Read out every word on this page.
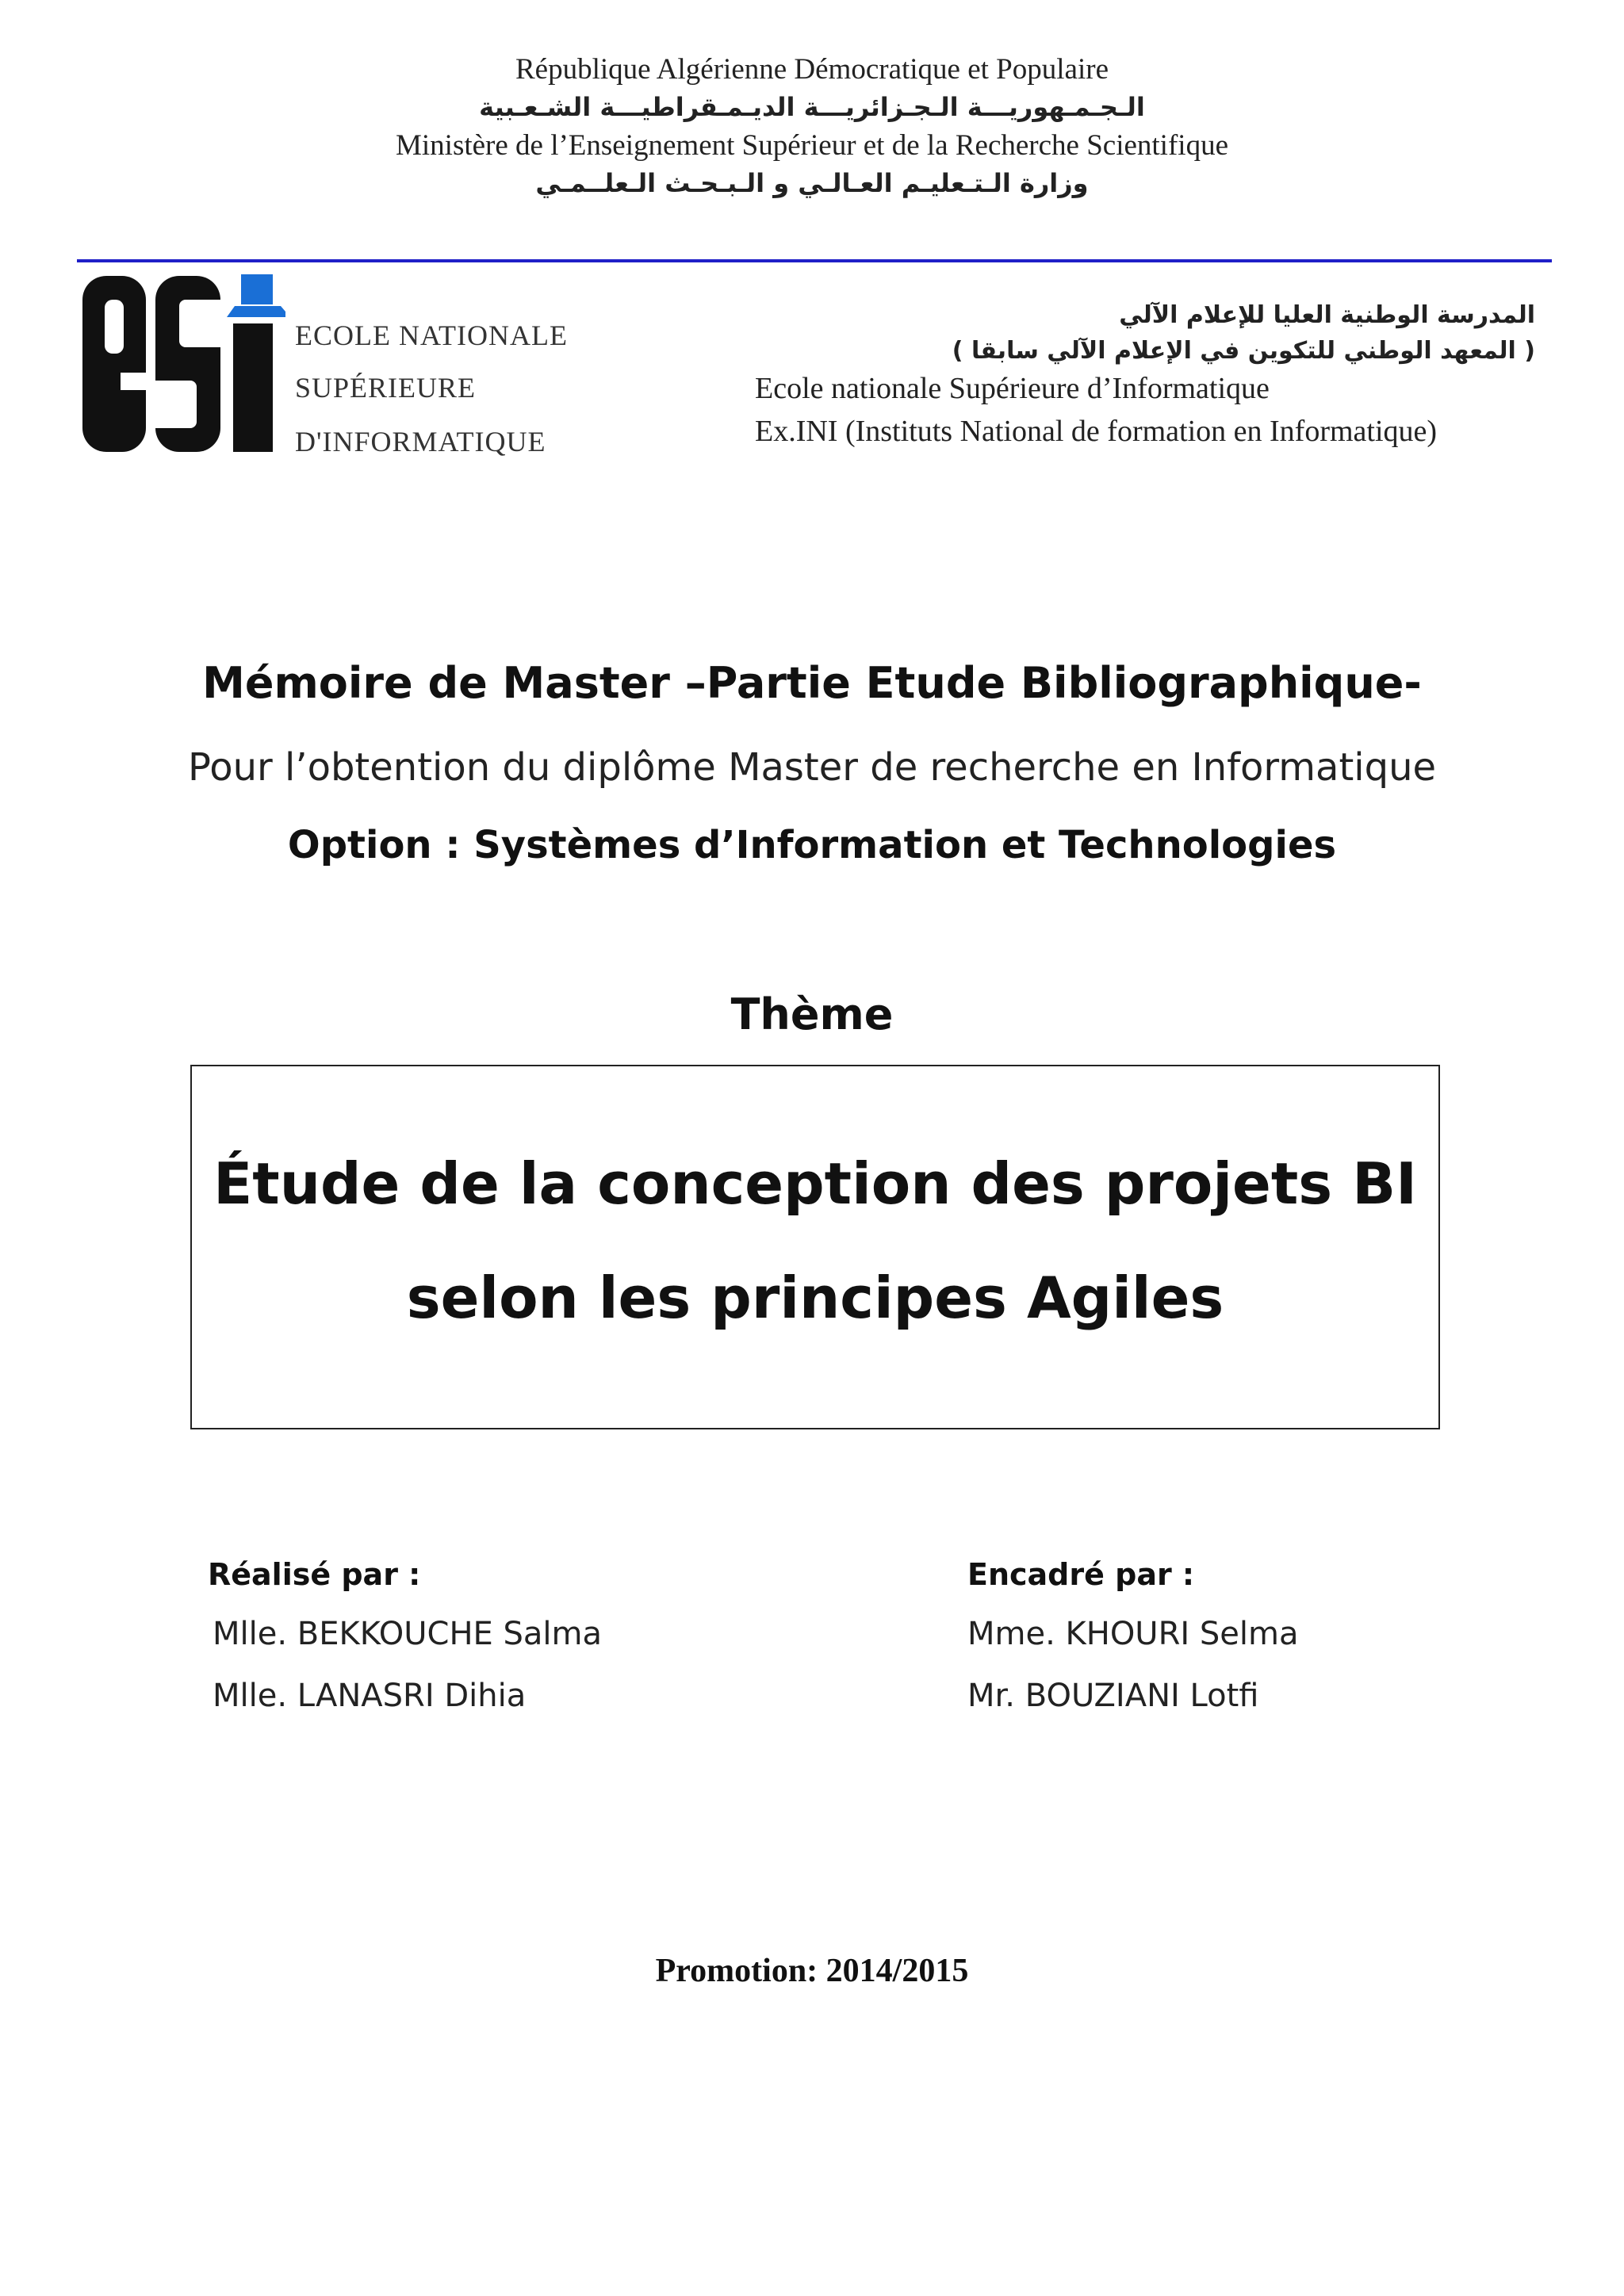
République Algérienne Démocratique et Populaire
الـجـمـهوريـــة الـجـزائريـــة الديـمـقراطيـــة الشـعـبية
Ministère de l’Enseignement Supérieur et de la Recherche Scientifique
وزارة الـتـعليـم العـالـي و الـبـحـث الـعلــمـي
ECOLE NATIONALE
SUPÉRIEURE
D'INFORMATIQUE
المدرسة الوطنية العليا للإعلام الآلي
( المعهد الوطني للتكوين في الإعلام الآلي سابقا )
Ecole nationale Supérieure d’Informatique
Ex.INI (Instituts National de formation en Informatique)
Mémoire de Master –Partie Etude Bibliographique-
Pour l’obtention du diplôme Master de recherche en Informatique
Option : Systèmes d’Information et Technologies
Thème
Étude de la conception des projets BI
selon les principes Agiles
Réalisé par :
Mlle. BEKKOUCHE Salma
Mlle. LANASRI Dihia
Encadré par :
Mme. KHOURI Selma
Mr. BOUZIANI Lotfi
Promotion: 2014/2015
